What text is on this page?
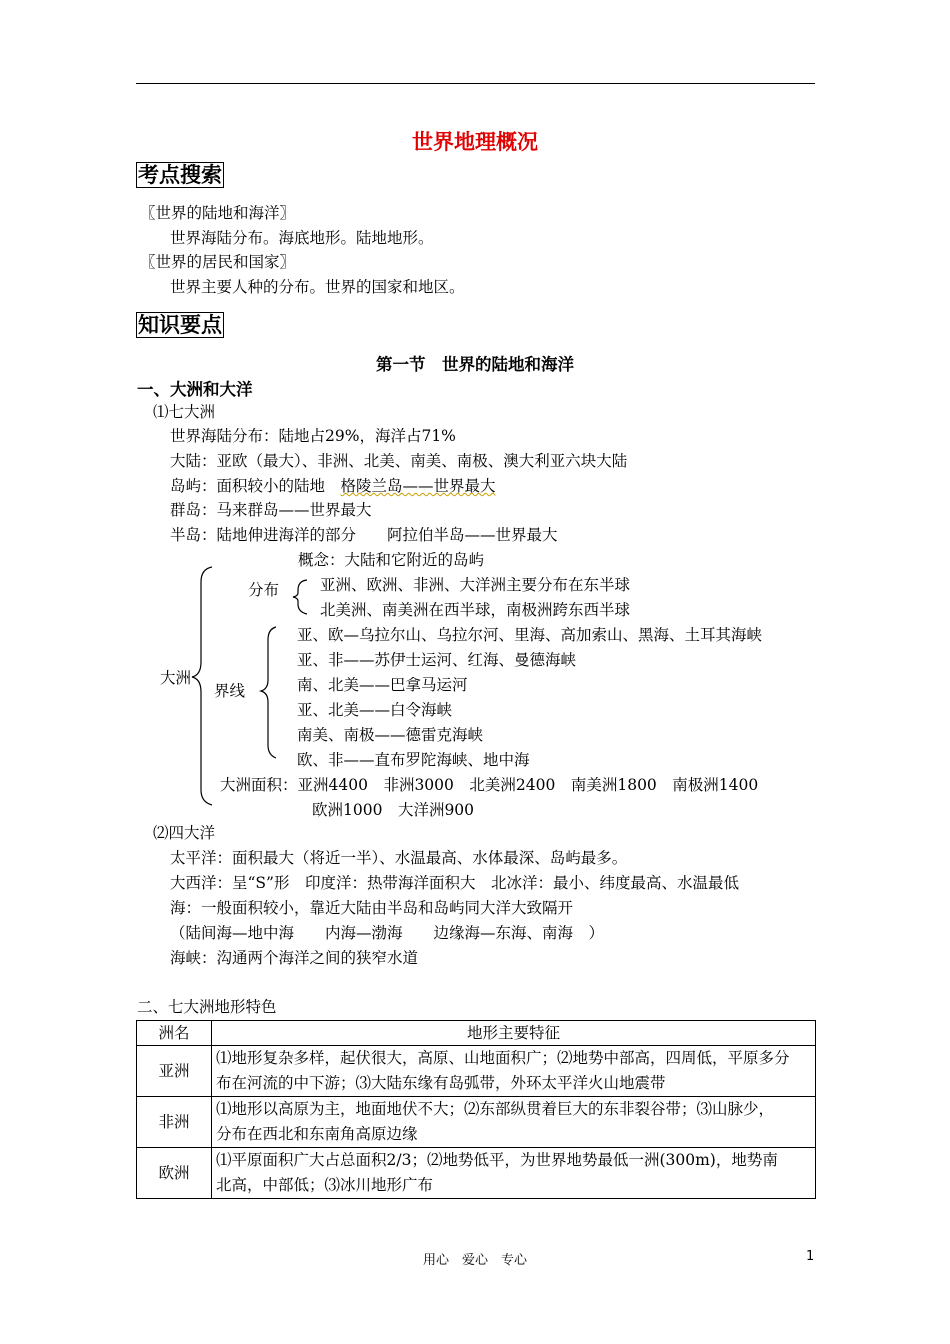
世界地理概况
考点搜索
〖世界的陆地和海洋〗
世界海陆分布。海底地形。陆地地形。
〖世界的居民和国家〗
世界主要人种的分布。世界的国家和地区。
知识要点
第一节　世界的陆地和海洋
一、大洲和大洋
⑴七大洲
世界海陆分布：陆地占29%，海洋占71%
大陆：亚欧（最大）、非洲、北美、南美、南极、澳大利亚六块大陆
岛屿：面积较小的陆地　格陵兰岛——世界最大
群岛：马来群岛——世界最大
半岛：陆地伸进海洋的部分　　阿拉伯半岛——世界最大
概念：大陆和它附近的岛屿
大洲
分布	亚洲、欧洲、非洲、大洋洲主要分布在东半球
北美洲、南美洲在西半球，南极洲跨东西半球
界线
亚、欧—乌拉尔山、乌拉尔河、里海、高加索山、黑海、土耳其海峡
亚、非——苏伊士运河、红海、曼德海峡
南、北美——巴拿马运河
亚、北美——白令海峡
南美、南极——德雷克海峡
欧、非——直布罗陀海峡、地中海
大洲面积：亚洲4400　非洲3000　北美洲2400　南美洲1800　南极洲1400
欧洲1000　大洋洲900
⑵四大洋
太平洋：面积最大（将近一半）、水温最高、水体最深、岛屿最多。
大西洋：呈“S”形　印度洋：热带海洋面积大　北冰洋：最小、纬度最高、水温最低
海：一般面积较小，靠近大陆由半岛和岛屿同大洋大致隔开
（陆间海—地中海　　内海—渤海　　边缘海—东海、南海　）
海峡：沟通两个海洋之间的狭窄水道
二、七大洲地形特色
洲名	地形主要特征
亚洲	⑴地形复杂多样，起伏很大，高原、山地面积广；⑵地势中部高，四周低，平原多分
布在河流的中下游；⑶大陆东缘有岛弧带，外环太平洋火山地震带

非洲	⑴地形以高原为主，地面地伏不大；⑵东部纵贯着巨大的东非裂谷带；⑶山脉少，
分布在西北和东南角高原边缘

欧洲	⑴平原面积广大占总面积2/3；⑵地势低平，为世界地势最低一洲(300m)，地势南
北高，中部低；⑶冰川地形广布
用心　爱心　专心	1
